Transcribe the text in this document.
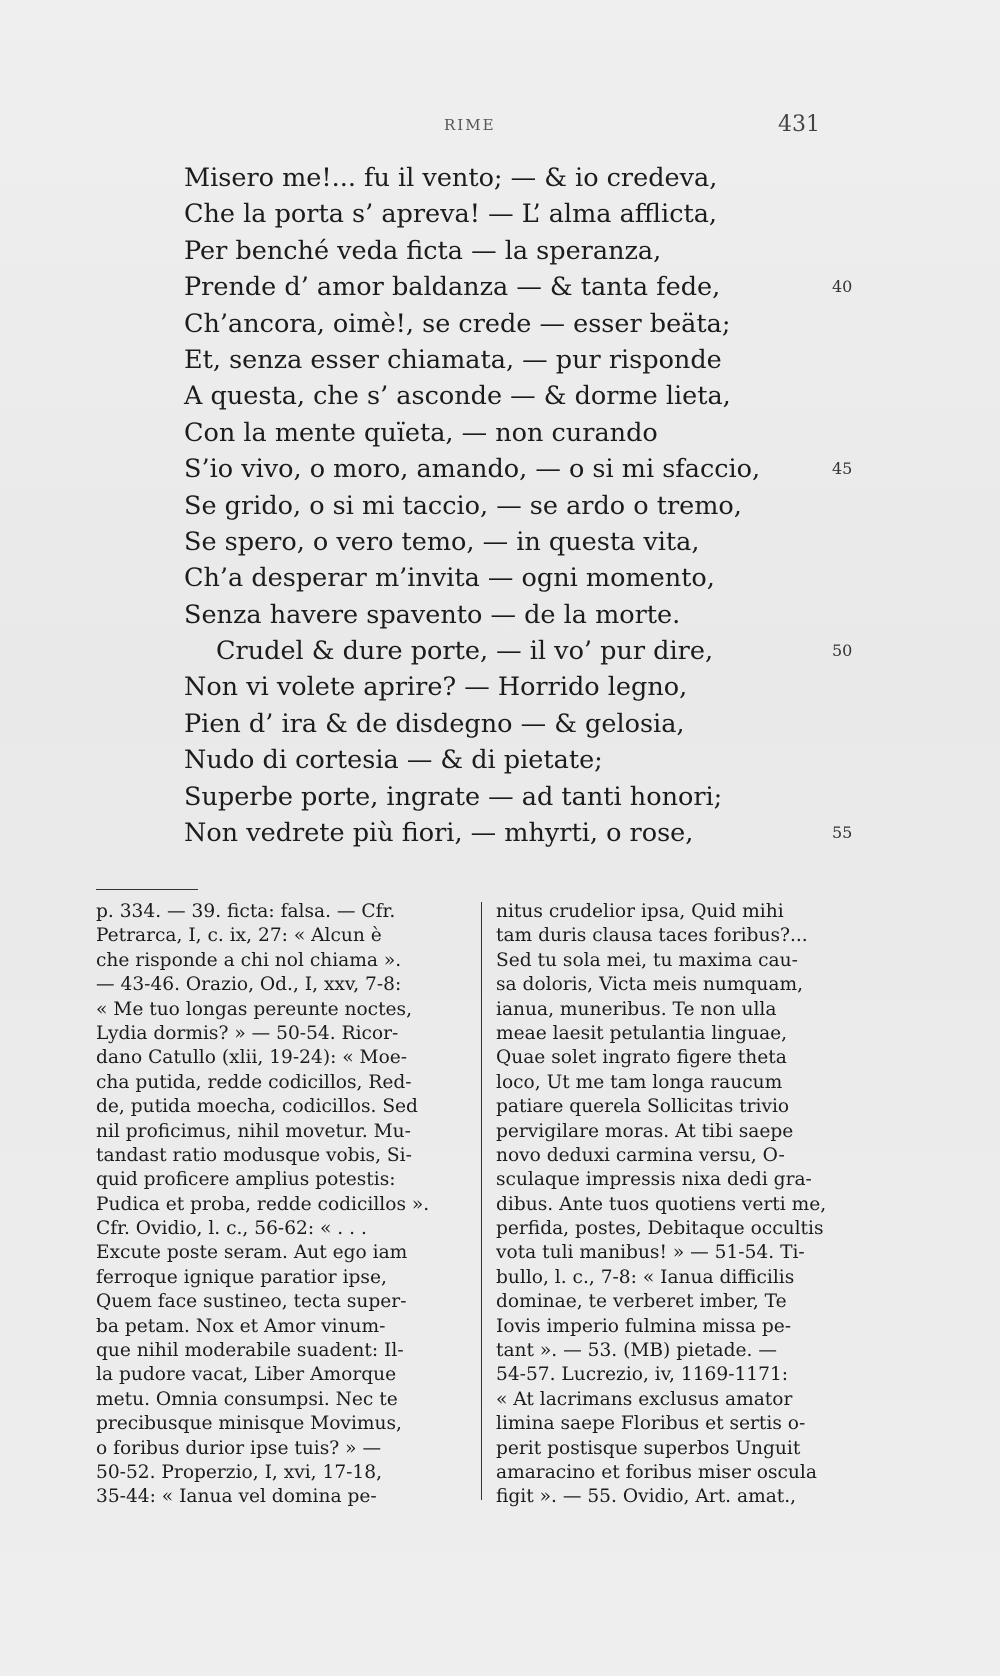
RIME	431
Misero me!... fu il vento; — & io credeva,
Che la porta s’ apreva! — L’ alma afflicta,
Per benché veda ficta — la speranza,
Prende d’ amor baldanza — & tanta fede,	40
Ch’ancora, oimè!, se crede — esser beäta;
Et, senza esser chiamata, — pur risponde
A questa, che s’ asconde — & dorme lieta,
Con la mente quïeta, — non curando
S’io vivo, o moro, amando, — o si mi sfaccio,	45
Se grido, o si mi taccio, — se ardo o tremo,
Se spero, o vero temo, — in questa vita,
Ch’a desperar m’invita — ogni momento,
Senza havere spavento — de la morte.
Crudel & dure porte, — il vo’ pur dire,	50
Non vi volete aprire? — Horrido legno,
Pien d’ ira & de disdegno — & gelosia,
Nudo di cortesia — & di pietate;
Superbe porte, ingrate — ad tanti honori;
Non vedrete più fiori, — mhyrti, o rose,	55
p. 334. — 39. ficta: falsa. — Cfr.
Petrarca, I, c. ix, 27: « Alcun è
che risponde a chi nol chiama ».
— 43-46. Orazio, Od., I, xxv, 7-8:
« Me tuo longas pereunte noctes,
Lydia dormis? » — 50-54. Ricor-
dano Catullo (xlii, 19-24): « Moe-
cha putida, redde codicillos, Red-
de, putida moecha, codicillos. Sed
nil proficimus, nihil movetur. Mu-
tandast ratio modusque vobis, Si-
quid proficere amplius potestis:
Pudica et proba, redde codicillos ».
Cfr. Ovidio, l. c., 56-62: « . . .
Excute poste seram. Aut ego iam
ferroque ignique paratior ipse,
Quem face sustineo, tecta super-
ba petam. Nox et Amor vinum-
que nihil moderabile suadent: Il-
la pudore vacat, Liber Amorque
metu. Omnia consumpsi. Nec te
precibusque minisque Movimus,
o foribus durior ipse tuis? » —
50-52. Properzio, I, xvi, 17-18,
35-44: « Ianua vel domina pe-
nitus crudelior ipsa, Quid mihi
tam duris clausa taces foribus?...
Sed tu sola mei, tu maxima cau-
sa doloris, Victa meis numquam,
ianua, muneribus. Te non ulla
meae laesit petulantia linguae,
Quae solet ingrato figere theta
loco, Ut me tam longa raucum
patiare querela Sollicitas trivio
pervigilare moras. At tibi saepe
novo deduxi carmina versu, O-
sculaque impressis nixa dedi gra-
dibus. Ante tuos quotiens verti me,
perfida, postes, Debitaque occultis
vota tuli manibus! » — 51-54. Ti-
bullo, l. c., 7-8: « Ianua difficilis
dominae, te verberet imber, Te
Iovis imperio fulmina missa pe-
tant ». — 53. (MB) pietade. —
54-57. Lucrezio, iv, 1169-1171:
« At lacrimans exclusus amator
limina saepe Floribus et sertis o-
perit postisque superbos Unguit
amaracino et foribus miser oscula
figit ». — 55. Ovidio, Art. amat.,
